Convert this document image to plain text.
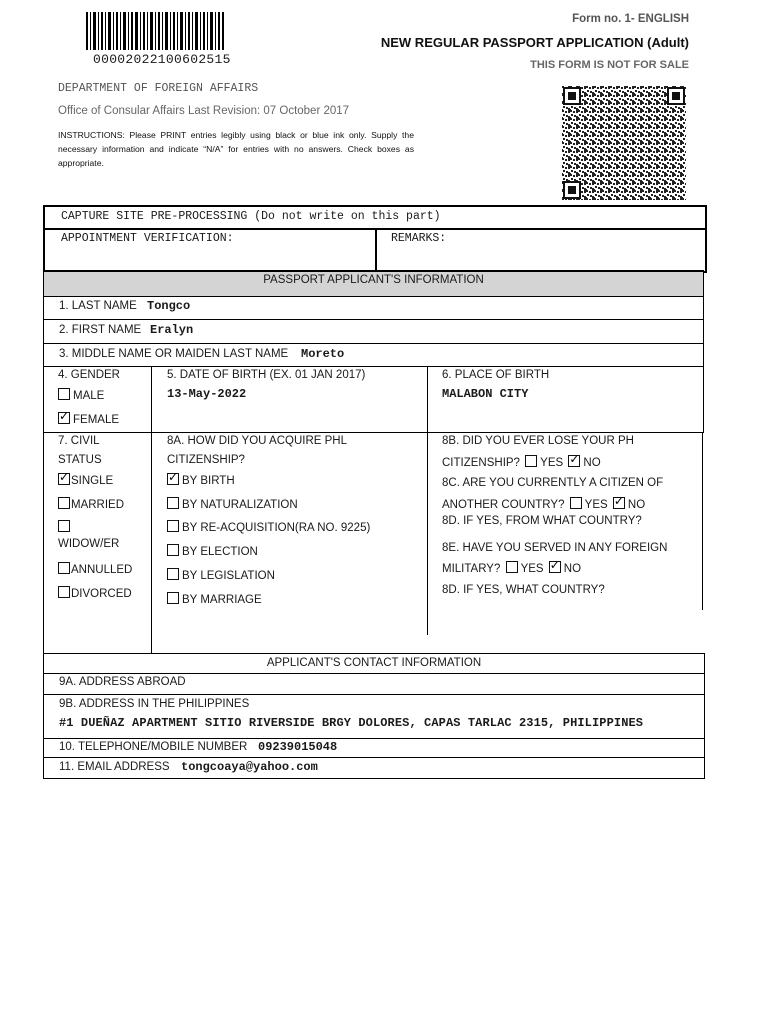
00002022100602515
Form no. 1- ENGLISH
NEW REGULAR PASSPORT APPLICATION (Adult)
THIS FORM IS NOT FOR SALE
DEPARTMENT OF FOREIGN AFFAIRS
Office of Consular Affairs Last Revision: 07 October 2017
INSTRUCTIONS: Please PRINT entries legibly using black or blue ink only. Supply the necessary information and indicate “N/A” for entries with no answers. Check boxes as appropriate.
CAPTURE SITE PRE-PROCESSING (Do not write on this part)
APPOINTMENT VERIFICATION:	REMARKS:
PASSPORT APPLICANT'S INFORMATION
1. LAST NAME Tongco
2. FIRST NAME Eralyn
3. MIDDLE NAME OR MAIDEN LAST NAME Moreto
4. GENDER
MALE
✓FEMALE
5. DATE OF BIRTH (EX. 01 JAN 2017)
13-May-2022
6. PLACE OF BIRTH
MALABON CITY
7. CIVIL
STATUS
✓SINGLE
MARRIED
WIDOW/ER
ANNULLED
DIVORCED
8A. HOW DID YOU ACQUIRE PHL
CITIZENSHIP?
✓BY BIRTH
BY NATURALIZATION
BY RE-ACQUISITION(RA NO. 9225)
BY ELECTION
BY LEGISLATION
BY MARRIAGE
8B. DID YOU EVER LOSE YOUR PH
CITIZENSHIP? YES ✓ NO
8C. ARE YOU CURRENTLY A CITIZEN OF
ANOTHER COUNTRY? YES ✓ NO
8D. IF YES, FROM WHAT COUNTRY?
8E. HAVE YOU SERVED IN ANY FOREIGN
MILITARY? YES ✓ NO
8D. IF YES, WHAT COUNTRY?
APPLICANT'S CONTACT INFORMATION
9A. ADDRESS ABROAD
9B. ADDRESS IN THE PHILIPPINES
#1 DUEÑAZ APARTMENT SITIO RIVERSIDE BRGY DOLORES, CAPAS TARLAC 2315, PHILIPPINES
10. TELEPHONE/MOBILE NUMBER 09239015048
11. EMAIL ADDRESS tongcoaya@yahoo.com
